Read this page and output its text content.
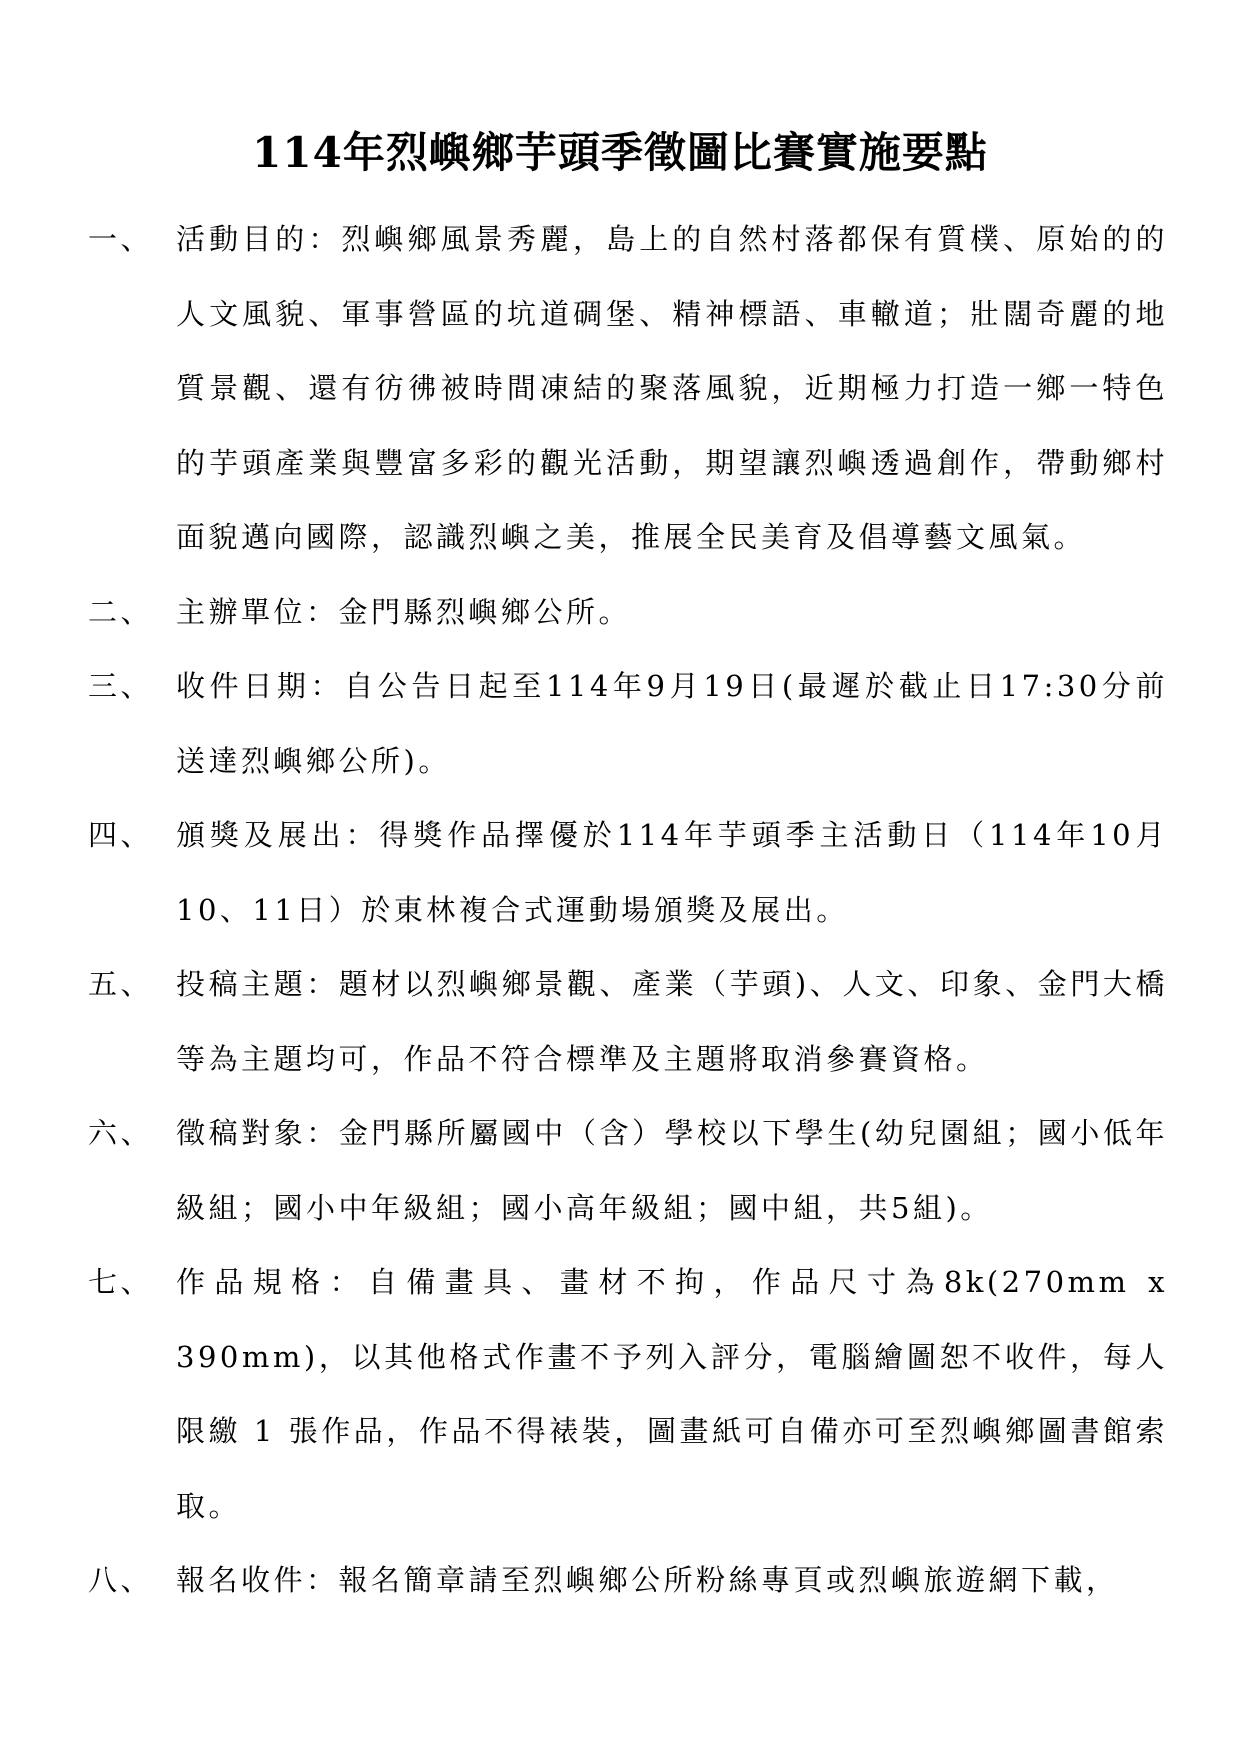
114年烈嶼鄉芋頭季徵圖比賽實施要點
一、 活動目的：烈嶼鄉風景秀麗，島上的自然村落都保有質樸、原始的的人文風貌、軍事營區的坑道碉堡、精神標語、車轍道；壯闊奇麗的地質景觀、還有彷彿被時間凍結的聚落風貌，近期極力打造一鄉一特色的芋頭產業與豐富多彩的觀光活動，期望讓烈嶼透過創作，帶動鄉村面貌邁向國際，認識烈嶼之美，推展全民美育及倡導藝文風氣。
二、 主辦單位：金門縣烈嶼鄉公所。
三、 收件日期：自公告日起至114年9月19日(最遲於截止日17:30分前送達烈嶼鄉公所)。
四、 頒獎及展出：得獎作品擇優於114年芋頭季主活動日（114年10月10、11日）於東林複合式運動場頒獎及展出。
五、 投稿主題：題材以烈嶼鄉景觀、產業（芋頭)、人文、印象、金門大橋等為主題均可，作品不符合標準及主題將取消參賽資格。
六、 徵稿對象：金門縣所屬國中（含）學校以下學生(幼兒園組；國小低年級組；國小中年級組；國小高年級組；國中組，共5組)。
七、 作品規格：自備畫具、畫材不拘，作品尺寸為8k(270mm x 390mm)，以其他格式作畫不予列入評分，電腦繪圖恕不收件，每人限繳 1 張作品，作品不得裱裝，圖畫紙可自備亦可至烈嶼鄉圖書館索取。
八、 報名收件：報名簡章請至烈嶼鄉公所粉絲專頁或烈嶼旅遊網下載，
